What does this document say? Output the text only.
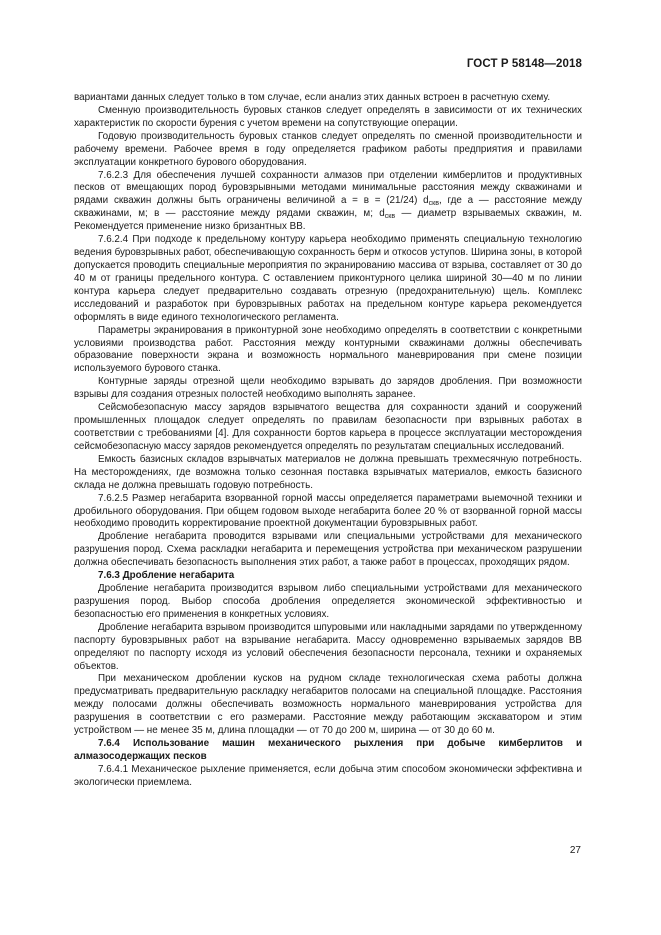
ГОСТ Р 58148—2018

вариантами данных следует только в том случае, если анализ этих данных встроен в расчетную схему.

Сменную производительность буровых станков следует определять в зависимости от их технических характеристик по скорости бурения с учетом времени на сопутствующие операции.

Годовую производительность буровых станков следует определять по сменной производительности и рабочему времени. Рабочее время в году определяется графиком работы предприятия и правилами эксплуатации конкретного бурового оборудования.

7.6.2.3 Для обеспечения лучшей сохранности алмазов при отделении кимберлитов и продуктивных песков от вмещающих пород буровзрывными методами минимальные расстояния между скважинами и рядами скважин должны быть ограничены величиной а = в = (21/24) $d_{скв}$, где а — расстояние между скважинами, м; в — расстояние между рядами скважин, м; $d_{скв}$ — диаметр взрываемых скважин, м. Рекомендуется применение низко бризантных ВВ.

7.6.2.4 При подходе к предельному контуру карьера необходимо применять специальную технологию ведения буровзрывных работ, обеспечивающую сохранность берм и откосов уступов. Ширина зоны, в которой допускается проводить специальные мероприятия по экранированию массива от взрыва, составляет от 30 до 40 м от границы предельного контура. С оставлением приконтурного целика шириной 30—40 м по линии контура карьера следует предварительно создавать отрезную (предохранительную) щель. Комплекс исследований и разработок при буровзрывных работах на предельном контуре карьера рекомендуется оформлять в виде единого технологического регламента.

Параметры экранирования в приконтурной зоне необходимо определять в соответствии с конкретными условиями производства работ. Расстояния между контурными скважинами должны обеспечивать образование поверхности экрана и возможность нормального маневрирования при смене позиции используемого бурового станка.

Контурные заряды отрезной щели необходимо взрывать до зарядов дробления. При возможности взрывы для создания отрезных полостей необходимо выполнять заранее.

Сейсмобезопасную массу зарядов взрывчатого вещества для сохранности зданий и сооружений промышленных площадок следует определять по правилам безопасности при взрывных работах в соответствии с требованиями [4]. Для сохранности бортов карьера в процессе эксплуатации месторождения сейсмобезопасную массу зарядов рекомендуется определять по результатам специальных исследований.

Емкость базисных складов взрывчатых материалов не должна превышать трехмесячную потребность. На месторождениях, где возможна только сезонная поставка взрывчатых материалов, емкость базисного склада не должна превышать годовую потребность.

7.6.2.5 Размер негабарита взорванной горной массы определяется параметрами выемочной техники и дробильного оборудования. При общем годовом выходе негабарита более 20 % от взорванной горной массы необходимо проводить корректирование проектной документации буровзрывных работ.

Дробление негабарита проводится взрывами или специальными устройствами для механического разрушения пород. Схема раскладки негабарита и перемещения устройства при механическом разрушении должна обеспечивать безопасность выполнения этих работ, а также работ в процессах, проходящих рядом.

7.6.3 Дробление негабарита

Дробление негабарита производится взрывом либо специальными устройствами для механического разрушения пород. Выбор способа дробления определяется экономической эффективностью и безопасностью его применения в конкретных условиях.

Дробление негабарита взрывом производится шпуровыми или накладными зарядами по утвержденному паспорту буровзрывных работ на взрывание негабарита. Массу одновременно взрываемых зарядов ВВ определяют по паспорту исходя из условий обеспечения безопасности персонала, техники и охраняемых объектов.

При механическом дроблении кусков на рудном складе технологическая схема работы должна предусматривать предварительную раскладку негабаритов полосами на специальной площадке. Расстояния между полосами должны обеспечивать возможность нормального маневрирования устройства для разрушения в соответствии с его размерами. Расстояние между работающим экскаватором и этим устройством — не менее 35 м, длина площадки — от 70 до 200 м, ширина — от 30 до 60 м.

7.6.4 Использование машин механического рыхления при добыче кимберлитов и алмазосодержащих песков

7.6.4.1 Механическое рыхление применяется, если добыча этим способом экономически эффективна и экологически приемлема.

27
